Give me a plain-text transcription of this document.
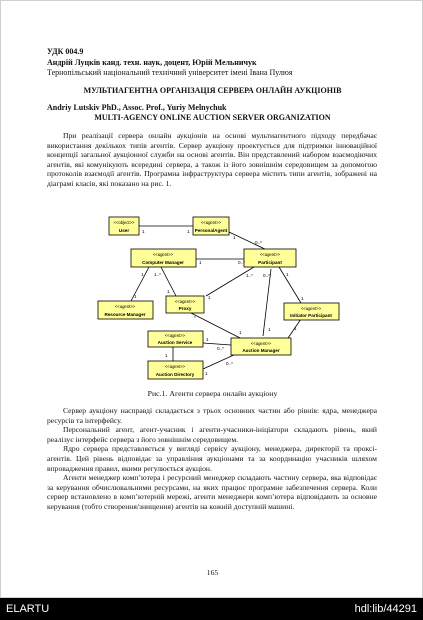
УДК 004.9
Андрій Луцків канд. техн. наук, доцент, Юрій Мельничук
Тернопільський національний технічний університет імені Івана Пулюя
МУЛЬТИАГЕНТНА ОРГАНІЗАЦІЯ СЕРВЕРА ОНЛАЙН АУКЦІОНІВ
Andriy Lutskiv PhD., Assoc. Prof., Yuriy Melnychuk
MULTI-AGENCY ONLINE AUCTION SERVER ORGANIZATION

При реалізації сервера онлайн аукціонів на основі мультиагентного підходу передбачає використання декількох типів агентів. Сервер аукціону проектується для підтримки інноваційної концепції загальної аукціонної служби на основі агентів. Він представлений набором взаємодіючих агентів, які комунікують всередині сервера, а також із його зовнішнім середовищем за допомогою протоколів взаємодії агентів. Програмна інфраструктура сервера містить типи агентів, зображені на діаграмі класів, які показано на рис. 1.

<<object>>
User
<<agent>>
PersonalAgent
<<agent>>
Computer Manager
<<agent>>
Participant
<<agent>>
Proxy
<<agent>>
Resource Manager
<<agent>>
Initiator Participant
<<agent>>
Auction Service	<<agent>>
Auction Manager
<<agent>>
Auction Directory
1	1
1
0..*
1	0..*
1
1
1..*
1
1..* 0..*
1
1
1
1
*
1
1
1
0..*
1
1
0..*
Рис.1. Агенти сервера онлайн аукціону

Сервер аукціону насправді складається з трьох основних частин або рівнів: ядра, менеджера ресурсів та інтерфейсу.

Персональний агент, агент-учасник і агенти-учасники-ініціатори складають рівень, який реалізує інтерфейс сервера з його зовнішнім середовищем.

Ядро сервера представляється у вигляді сервісу аукціону, менеджера, директорії та проксі-агентів. Цей рівень відповідає за управління аукціонами та за координацію учасників шляхом впровадження правил, якими регулюється аукціон.

Агенти менеджер комп’ютера і ресурсний менеджер складають частину сервера, яка відповідає за керування обчислювальними ресурсами, на яких працює програмне забезпечення сервера. Коли сервер встановлено в комп’ютерній мережі, агенти менеджери комп’ютера відповідають за основне керування (тобто створення/знищення) агентів на кожній доступній машині.

165
ELARTU	hdl:lib/44291
